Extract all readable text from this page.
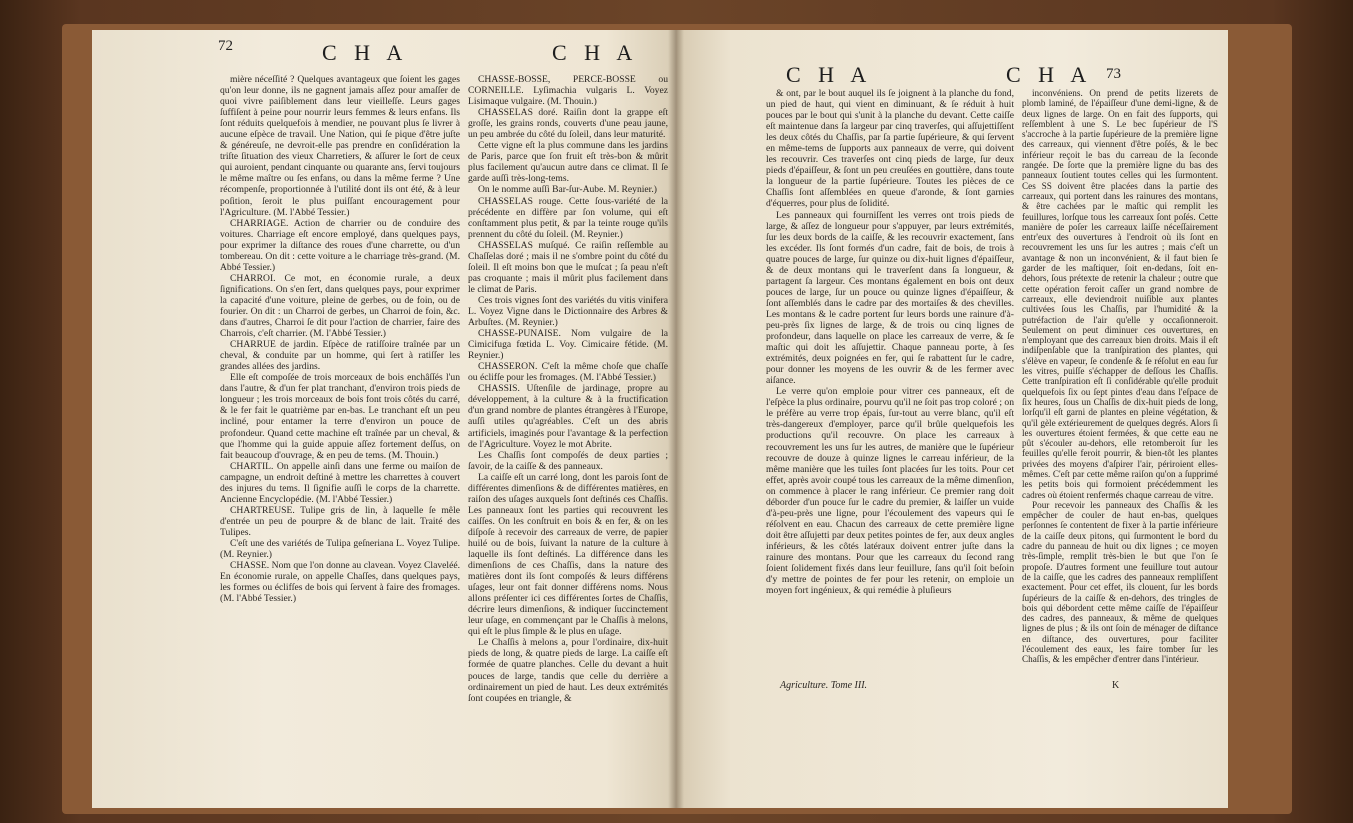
72	C H A	C H A

mière néceſſité ? Quelques avantageux que ſoient les gages qu'on leur donne, ils ne gagnent jamais aſſez pour amaſſer de quoi vivre paiſiblement dans leur vieilleſſe. Leurs gages ſuffiſent à peine pour nourrir leurs femmes & leurs enfans. Ils ſont réduits quelquefois à mendier, ne pouvant plus ſe livrer à aucune eſpèce de travail. Une Nation, qui ſe pique d'être juſte & généreuſe, ne devroit-elle pas prendre en conſidération la triſte ſituation des vieux Charretiers, & aſſurer le ſort de ceux qui auroient, pendant cinquante ou quarante ans, ſervi toujours le même maître ou ſes enfans, ou dans la même ferme ? Une récompenſe, proportionnée à l'utilité dont ils ont été, & à leur poſition, ſeroit le plus puiſſant encouragement pour l'Agriculture. (M. l'Abbé Tessier.)

CHARRIAGE. Action de charrier ou de conduire des voitures. Charriage eſt encore employé, dans quelques pays, pour exprimer la diſtance des roues d'une charrette, ou d'un tombereau. On dit : cette voiture a le charriage très-grand. (M. Abbé Tessier.)

CHARROI. Ce mot, en économie rurale, a deux ſignifications. On s'en ſert, dans quelques pays, pour exprimer la capacité d'une voiture, pleine de gerbes, ou de foin, ou de fourier. On dit : un Charroi de gerbes, un Charroi de foin, &c. dans d'autres, Charroi ſe dit pour l'action de charrier, faire des Charrois, c'eſt charrier. (M. l'Abbé Tessier.)

CHARRUE de jardin. Eſpèce de ratiſſoire traînée par un cheval, & conduite par un homme, qui ſert à ratiſſer les grandes allées des jardins.

Elle eſt compoſée de trois morceaux de bois enchâſſés l'un dans l'autre, & d'un fer plat tranchant, d'environ trois pieds de longueur ; les trois morceaux de bois font trois côtés du carré, & le fer fait le quatrième par en-bas. Le tranchant eſt un peu incliné, pour entamer la terre d'environ un pouce de profondeur. Quand cette machine eſt traînée par un cheval, & que l'homme qui la guide appuie aſſez fortement deſſus, on fait beaucoup d'ouvrage, & en peu de tems. (M. Thouin.)

CHARTIL. On appelle ainſi dans une ferme ou maiſon de campagne, un endroit deſtiné à mettre les charrettes à couvert des injures du tems. Il ſignifie auſſi le corps de la charrette. Ancienne Encyclopédie. (M. l'Abbé Tessier.)

CHARTREUSE. Tulipe gris de lin, à laquelle ſe mêle d'entrée un peu de pourpre & de blanc de lait. Traité des Tulipes.

C'eſt une des variétés de Tulipa geſneriana L. Voyez Tulipe. (M. Reynier.)

CHASSE. Nom que l'on donne au clavean. Voyez Claveléé. En économie rurale, on appelle Chaſſes, dans quelques pays, les formes ou éclifſes de bois qui ſervent à faire des fromages. (M. l'Abbé Tessier.)

CHASSE-BOSSE, PERCE-BOSSE ou CORNEILLE. Lyſimachia vulgaris L. Voyez Lisimaque vulgaire. (M. Thouin.)

CHASSELAS doré. Raiſin dont la grappe eſt groſſe, les grains ronds, couverts d'une peau jaune, un peu ambrée du côté du ſoleil, dans leur maturité.

Cette vigne eſt la plus commune dans les jardins de Paris, parce que ſon fruit eſt très-bon & mûrit plus facilement qu'aucun autre dans ce climat. Il ſe garde auſſi très-long-tems.

On le nomme auſſi Bar-ſur-Aube. M. Reynier.)

CHASSELAS rouge. Cette ſous-variété de la précédente en diffère par ſon volume, qui eſt conſtamment plus petit, & par la teinte rouge qu'ils prennent du côté du ſoleil. (M. Reynier.)

CHASSELAS muſqué. Ce raiſin reſſemble au Chaſſelas doré ; mais il ne s'ombre point du côté du ſoleil. Il eſt moins bon que le muſcat ; ſa peau n'eſt pas croquante ; mais il mûrit plus facilement dans le climat de Paris.

Ces trois vignes ſont des variétés du vitis vinifera L. Voyez Vigne dans le Dictionnaire des Arbres & Arbuſtes. (M. Reynier.)

CHASSE-PUNAISE. Nom vulgaire de la Cimicifuga fœtida L. Voy. Cimicaire fétide. (M. Reynier.)

CHASSERON. C'eſt la même choſe que chaſſe ou éclifſe pour les fromages. (M. l'Abbé Tessier.)

CHASSIS. Uſtenſile de jardinage, propre au développement, à la culture & à la fructification d'un grand nombre de plantes étrangères à l'Europe, auſſi utiles qu'agréables. C'eſt un des abris artificiels, imaginés pour l'avantage & la perfection de l'Agriculture. Voyez le mot Abrite.

Les Chaſſis ſont compoſés de deux parties ; ſavoir, de la caiſſe & des panneaux.

La caiſſe eſt un carré long, dont les parois ſont de différentes dimenſions & de différentes matières, en raiſon des uſages auxquels ſont deſtinés ces Chaſſis. Les panneaux ſont les parties qui recouvrent les caiſſes. On les conſtruit en bois & en fer, & on les diſpoſe à recevoir des carreaux de verre, de papier huilé ou de bois, ſuivant la nature de la culture à laquelle ils ſont deſtinés. La différence dans les dimenſions de ces Chaſſis, dans la nature des matières dont ils ſont compoſés & leurs différens uſages, leur ont fait donner différens noms. Nous allons préſenter ici ces différentes ſortes de Chaſſis, décrire leurs dimenſions, & indiquer ſuccinctement leur uſage, en commençant par le Chaſſis à melons, qui eſt le plus ſimple & le plus en uſage.

Le Chaſſis à melons a, pour l'ordinaire, dix-huit pieds de long, & quatre pieds de large. La caiſſe eſt formée de quatre planches. Celle du devant a huit pouces de large, tandis que celle du derrière a ordinairement un pied de haut. Les deux extrémités ſont coupées en triangle, &

C H A	C H A 73

& ont, par le bout auquel ils ſe joignent à la planche du fond, un pied de haut, qui vient en diminuant, & ſe réduit à huit pouces par le bout qui s'unit à la planche du devant. Cette caiſſe eſt maintenue dans ſa largeur par cinq traverſes, qui aſſujettiſſent les deux côtés du Chaſſis, par ſa partie ſupérieure, & qui ſervent en même-tems de ſupports aux panneaux de verre, qui doivent les recouvrir. Ces traverſes ont cinq pieds de large, ſur deux pieds d'épaiſſeur, & ſont un peu creuſées en gouttière, dans toute la longueur de la partie ſupérieure. Toutes les pièces de ce Chaſſis ſont aſſemblées en queue d'aronde, & ſont garnies d'équerres, pour plus de ſolidité.

Les panneaux qui fourniſſent les verres ont trois pieds de large, & aſſez de longueur pour s'appuyer, par leurs extrémités, ſur les deux bords de la caiſſe, & les recouvrir exactement, ſans les excéder. Ils ſont formés d'un cadre, fait de bois, de trois à quatre pouces de large, ſur quinze ou dix-huit lignes d'épaiſſeur, & de deux montans qui le traverſent dans ſa longueur, & partagent ſa largeur. Ces montans également en bois ont deux pouces de large, ſur un pouce ou quinze lignes d'épaiſſeur, & ſont aſſemblés dans le cadre par des mortaiſes & des chevilles. Les montans & le cadre portent ſur leurs bords une rainure d'à-peu-près ſix lignes de large, & de trois ou cinq lignes de profondeur, dans laquelle on place les carreaux de verre, & ſe maſtic qui doit les aſſujettir. Chaque panneau porte, à ſes extrémités, deux poignées en fer, qui ſe rabattent ſur le cadre, pour donner les moyens de les ouvrir & de les fermer avec aiſance.

Le verre qu'on emploie pour vitrer ces panneaux, eſt de l'eſpèce la plus ordinaire, pourvu qu'il ne ſoit pas trop coloré ; on le préfère au verre trop épais, ſur-tout au verre blanc, qu'il eſt très-dangereux d'employer, parce qu'il brûle quelquefois les productions qu'il recouvre. On place les carreaux à recouvrement les uns ſur les autres, de manière que le ſupérieur recouvre de douze à quinze lignes le carreau inférieur, de la même manière que les tuiles ſont placées ſur les toits. Pour cet effet, après avoir coupé tous les carreaux de la même dimenſion, on commence à placer le rang inférieur. Ce premier rang doit déborder d'un pouce ſur le cadre du premier, & laiſſer un vuide d'à-peu-près une ligne, pour l'écoulement des vapeurs qui ſe réſolvent en eau. Chacun des carreaux de cette première ligne doit être aſſujetti par deux petites pointes de fer, aux deux angles inférieurs, & les côtés latéraux doivent entrer juſte dans la rainure des montans. Pour que les carreaux du ſecond rang ſoient ſolidement fixés dans leur feuillure, ſans qu'il ſoit beſoin d'y mettre de pointes de fer pour les retenir, on emploie un moyen fort ingénieux, & qui remédie à pluſieurs

inconvéniens. On prend de petits lizerets de plomb laminé, de l'épaiſſeur d'une demi-ligne, & de deux lignes de large. On en fait des ſupports, qui reſſemblent à une S. Le bec ſupérieur de l'S s'accroche à la partie ſupérieure de la première ligne des carreaux, qui viennent d'être poſés, & le bec inférieur reçoit le bas du carreau de la ſeconde rangée. De ſorte que la première ligne du bas des panneaux ſoutient toutes celles qui les ſurmontent. Ces SS doivent être placées dans la partie des carreaux, qui portent dans les rainures des montans, & être cachées par le maſtic qui remplit les feuillures, lorſque tous les carreaux ſont poſés. Cette manière de poſer les carreaux laiſſe néceſſairement entr'eux des ouvertures à l'endroit où ils ſont en recouvrement les uns ſur les autres ; mais c'eſt un avantage & non un inconvénient, & il faut bien ſe garder de les maſtiquer, ſoit en-dedans, ſoit en-dehors, ſous prétexte de retenir la chaleur ; outre que cette opération feroit caſſer un grand nombre de carreaux, elle deviendroit nuiſible aux plantes cultivées ſous les Chaſſis, par l'humidité & la putréfaction de l'air qu'elle y occaſionneroit. Seulement on peut diminuer ces ouvertures, en n'employant que des carreaux bien droits. Mais il eſt indiſpenſable que la tranſpiration des plantes, qui s'élève en vapeur, ſe condenſe & ſe réſolut en eau ſur les vitres, puiſſe s'échapper de deſſous les Chaſſis. Cette tranſpiration eſt ſi conſidérable qu'elle produit quelquefois ſix ou ſept pintes d'eau dans l'eſpace de ſix heures, ſous un Chaſſis de dix-huit pieds de long, lorſqu'il eſt garni de plantes en pleine végétation, & qu'il gèle extérieurement de quelques degrés. Alors ſi les ouvertures étoient fermées, & que cette eau ne pût s'écouler au-dehors, elle retomberoit ſur les feuilles qu'elle feroit pourrir, & bien-tôt les plantes privées des moyens d'aſpirer l'air, périroient elles-mêmes. C'eſt par cette même raiſon qu'on a ſupprimé les petits bois qui formoient précédemment les cadres où étoient renfermés chaque carreau de vitre.

Pour recevoir les panneaux des Chaſſis & les empêcher de couler de haut en-bas, quelques perſonnes ſe contentent de fixer à la partie inférieure de la caiſſe deux pitons, qui ſurmontent le bord du cadre du panneau de huit ou dix lignes ; ce moyen très-ſimple, remplit très-bien le but que l'on ſe propoſe. D'autres forment une feuillure tout autour de la caiſſe, que les cadres des panneaux rempliſſent exactement. Pour cet effet, ils clouent, ſur les bords ſupérieurs de la caiſſe & en-dehors, des tringles de bois qui débordent cette même caiſſe de l'épaiſſeur des cadres, des panneaux, & même de quelques lignes de plus ; & ils ont ſoin de ménager de diſtance en diſtance, des ouvertures, pour faciliter l'écoulement des eaux, les faire tomber ſur les Chaſſis, & les empêcher d'entrer dans l'intérieur.

Agriculture. Tome III.	K
